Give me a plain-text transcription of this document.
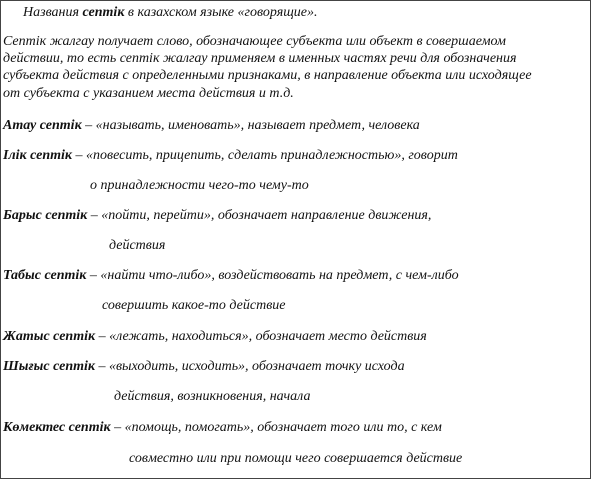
Названия септік в казахском языке «говорящие».
Септік жалгау получает слово, обозначающее субъекта или объект в совершаемом
действии, то есть септік жалгау применяем в именных частях речи для обозначения
субъекта действия с определенными признаками, в направление объекта или исходящее
от субъекта с указанием места действия и т.д.
Атау септік – «называть, именовать», называет предмет, человека
Ілік септік – «повесить, прицепить, сделать принадлежностью», говорит
о принадлежности чего-то чему-то
Барыс септік – «пойти, перейти», обозначает направление движения,
действия
Табыс септік – «найти что-либо», воздействовать на предмет, с чем-либо
совершить какое-то действие
Жатыс септік – «лежать, находиться», обозначает место действия
Шығыс септік – «выходить, исходить», обозначает точку исхода
действия, возникновения, начала
Көмектес септік – «помощь, помогать», обозначает того или то, с кем
совместно или при помощи чего совершается действие
